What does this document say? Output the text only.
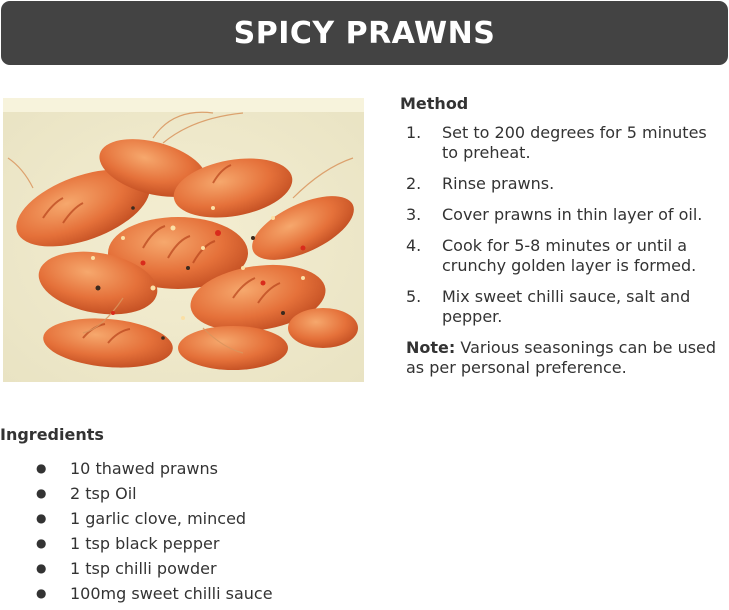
SPICY PRAWNS
Method
1.	Set to 200 degrees for 5 minutes to preheat.
2.	Rinse prawns.
3.	Cover prawns in thin layer of oil.
4.	Cook for 5-8 minutes or until a crunchy golden layer is formed.
5.	Mix sweet chilli sauce, salt and pepper.

Note: Various seasonings can be used as per personal preference.

Ingredients
●	10 thawed prawns
●	2 tsp Oil
●	1 garlic clove, minced
●	1 tsp black pepper
●	1 tsp chilli powder
●	100mg sweet chilli sauce
